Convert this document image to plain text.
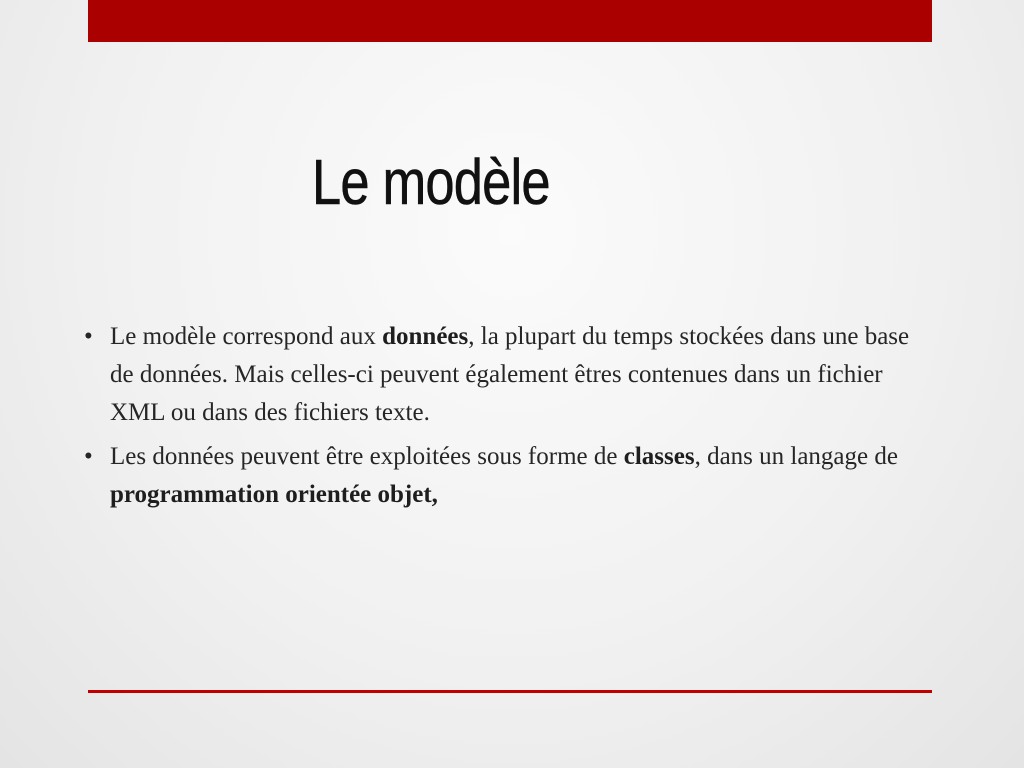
Le modèle
• Le modèle correspond aux données, la plupart du temps stockées dans une base de données. Mais celles-ci peuvent également êtres contenues dans un fichier XML ou dans des fichiers texte.
• Les données peuvent être exploitées sous forme de classes, dans un langage de programmation orientée objet,
